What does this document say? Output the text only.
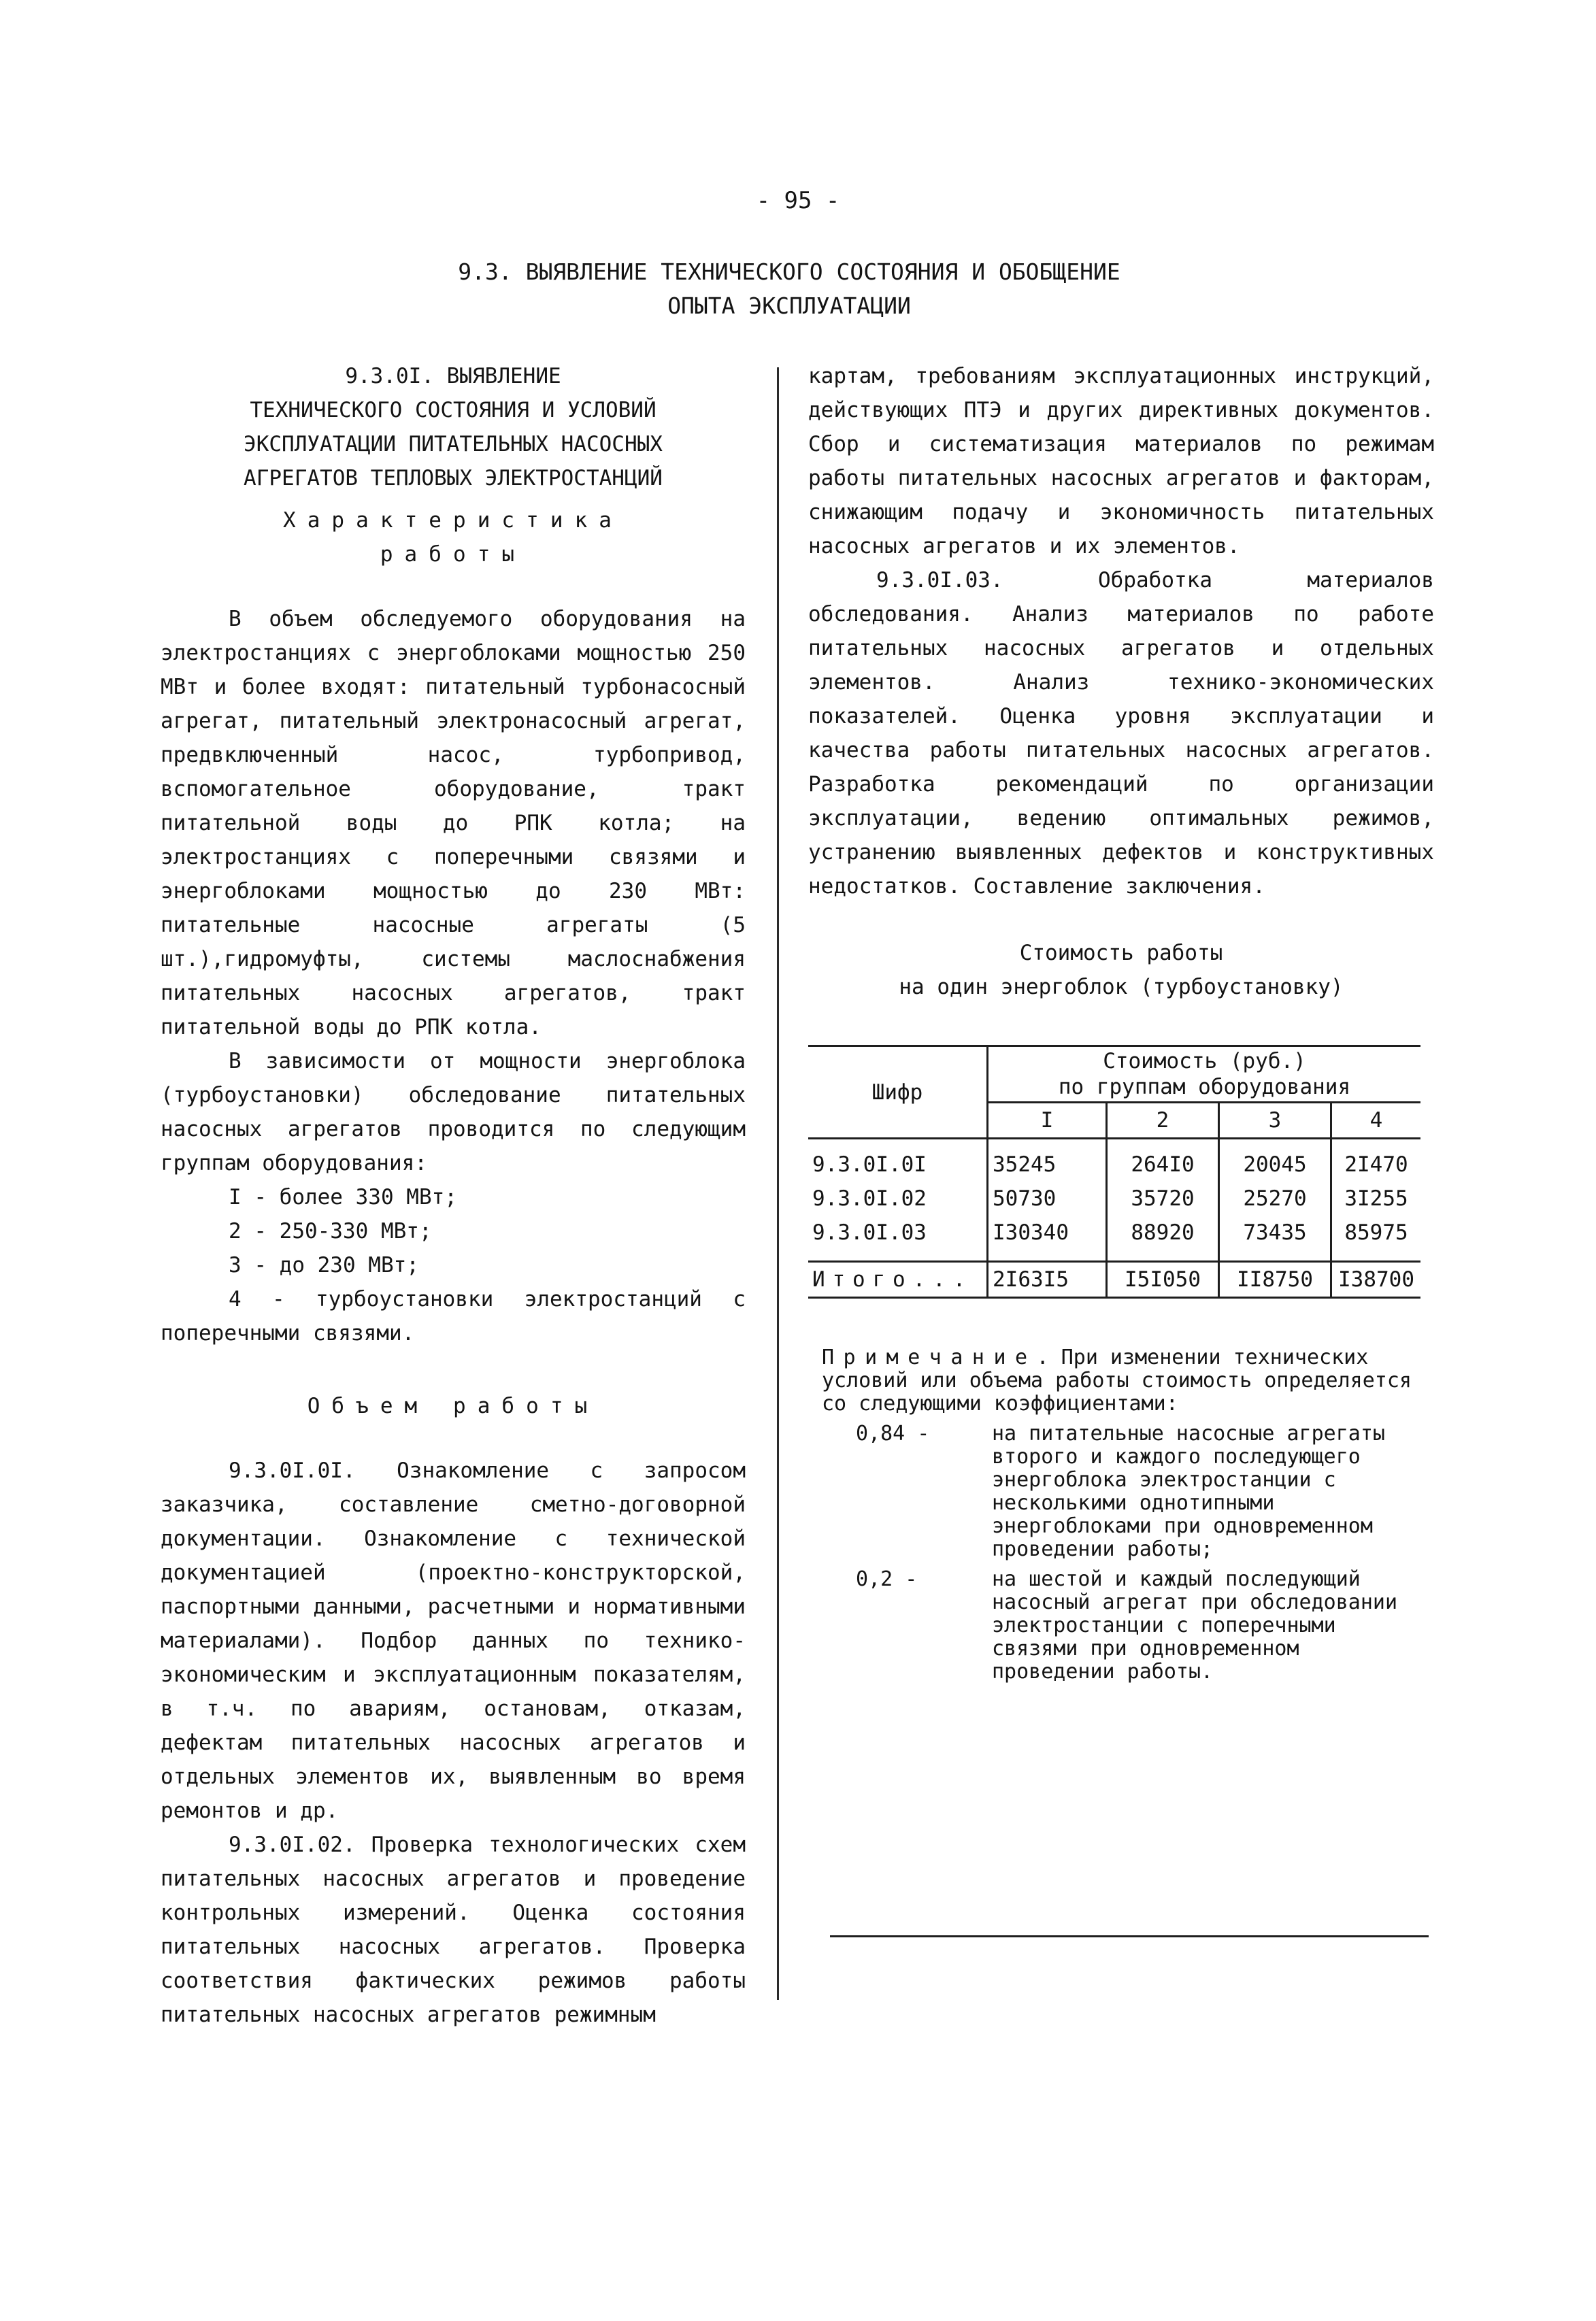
- 95 -
9.3. ВЫЯВЛЕНИЕ ТЕХНИЧЕСКОГО СОСТОЯНИЯ И ОБОБЩЕНИЕ
ОПЫТА ЭКСПЛУАТАЦИИ
9.3.0I. ВЫЯВЛЕНИЕ
ТЕХНИЧЕСКОГО СОСТОЯНИЯ И УСЛОВИЙ
ЭКСПЛУАТАЦИИ ПИТАТЕЛЬНЫХ НАСОСНЫХ
АГРЕГАТОВ ТЕПЛОВЫХ ЭЛЕКТРОСТАНЦИЙ
Характеристика
работы

В объем обследуемого оборудования на электростанциях с энергоблоками мощностью 250 МВт и более входят: питательный турбонасосный агрегат, питательный электронасосный агрегат, предвключенный насос, турбопривод, вспомогательное оборудование, тракт питательной воды до РПК котла; на электростанциях с поперечными связями и энергоблоками мощностью до 230 МВт: питательные насосные агрегаты (5 шт.),гидромуфты, системы маслоснабжения питательных насосных агрегатов, тракт питательной воды до РПК котла.

В зависимости от мощности энергоблока (турбоустановки) обследование питательных насосных агрегатов проводится по следующим группам оборудования:

I - более 330 МВт;
2 - 250-330 МВт;
3 - до 230 МВт;

4 - турбоустановки электростанций с поперечными связями.

Объем работы

9.3.0I.0I. Ознакомление с запросом заказчика, составление сметно-договорной документации. Ознакомление с технической документацией (проектно-конструкторской, паспортными данными, расчетными и нормативными материалами). Подбор данных по технико-экономическим и эксплуатационным показателям, в т.ч. по авариям, остановам, отказам, дефектам питательных насосных агрегатов и отдельных элементов их, выявленным во время ремонтов и др.

9.3.0I.02. Проверка технологических схем питательных насосных агрегатов и проведение контрольных измерений. Оценка состояния питательных насосных агрегатов. Проверка соответствия фактических режимов работы питательных насосных агрегатов режимным

картам, требованиям эксплуатационных инструкций, действующих ПТЭ и других директивных документов. Сбор и систематизация материалов по режимам работы питательных насосных агрегатов и факторам, снижающим подачу и экономичность питательных насосных агрегатов и их элементов.

9.3.0I.03. Обработка материалов обследования. Анализ материалов по работе питательных насосных агрегатов и отдельных элементов. Анализ технико-экономических показателей. Оценка уровня эксплуатации и качества работы питательных насосных агрегатов. Разработка рекомендаций по организации эксплуатации, ведению оптимальных режимов, устранению выявленных дефектов и конструктивных недостатков. Составление заключения.

Стоимость работы
на один энергоблок (турбоустановку)
Шифр	Стоимость (руб.)
по группам оборудования			

	I	2	3	4
9.3.0I.0I	35245	264I0	20045	2I470
9.3.0I.02	50730	35720	25270	3I255
9.3.0I.03	I30340	88920	73435	85975
Итого...	2I63I5	I5I050	II8750	I38700
Примечание. При изменении технических условий или объема работы стоимость определяется со следующими коэффициентами:
0,84 -	на питательные насосные агрегаты второго и каждого последующего энергоблока электростанции с несколькими однотипными энергоблоками при одновременном проведении работы;
0,2 -	на шестой и каждый последующий насосный агрегат при обследовании электростанции с поперечными связями при одновременном проведении работы.
